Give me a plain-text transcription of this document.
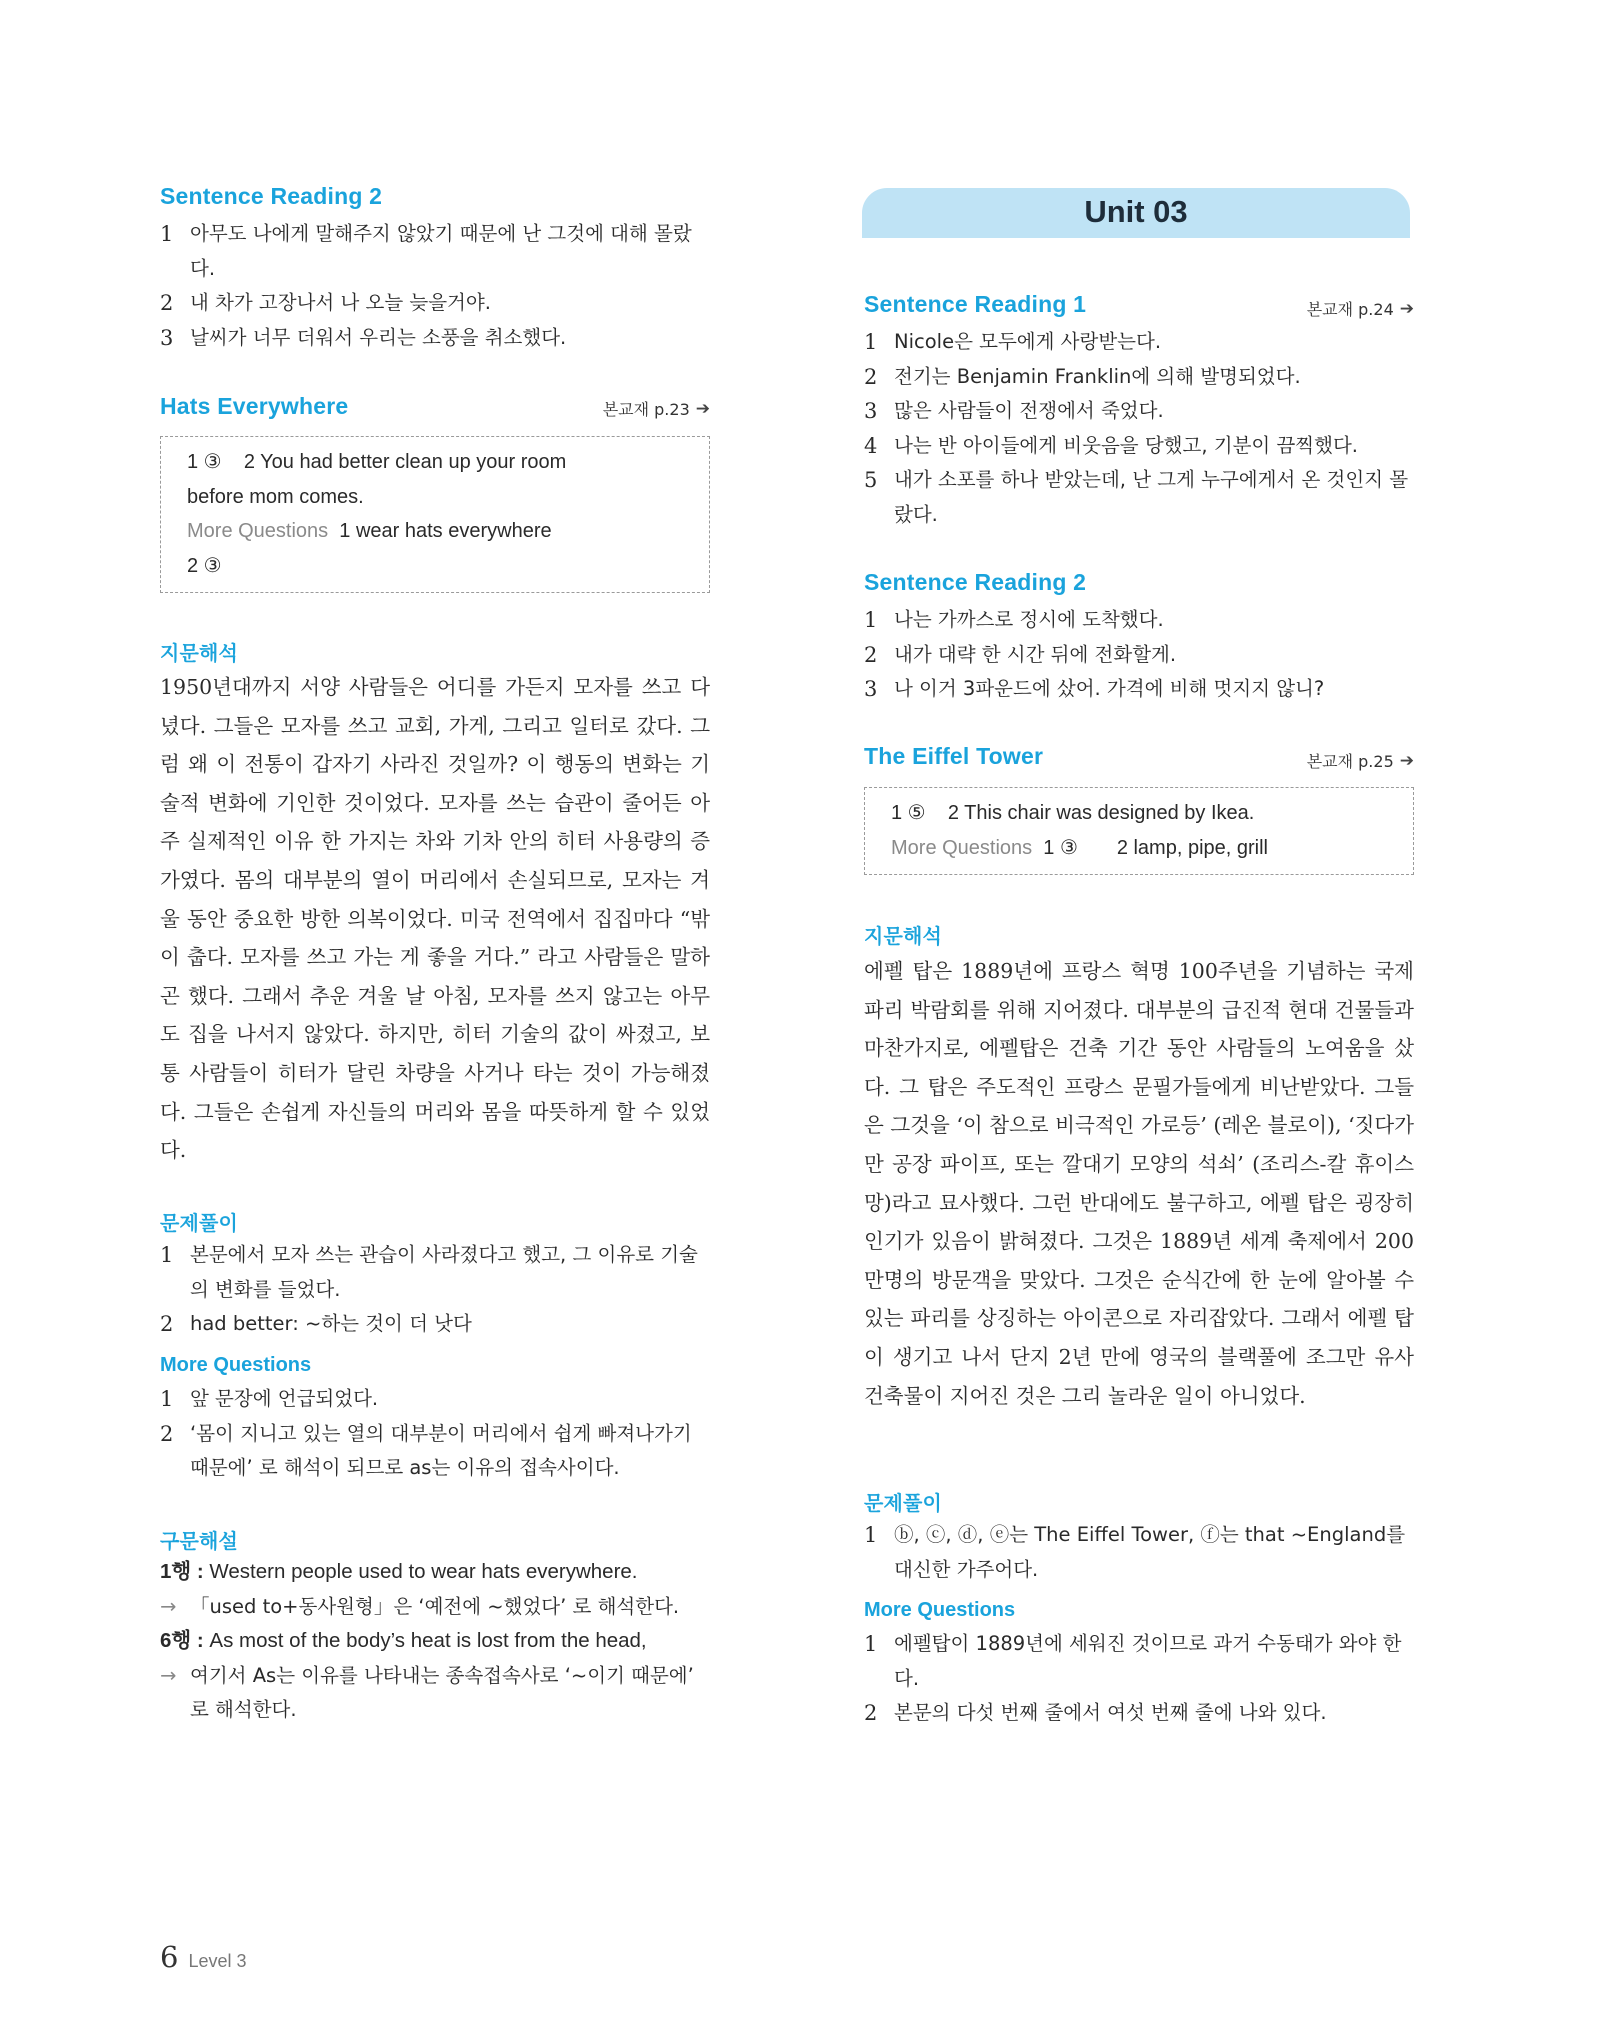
Sentence Reading 2
1 아무도 나에게 말해주지 않았기 때문에 난 그것에 대해 몰랐다.
2 내 차가 고장나서 나 오늘 늦을거야.
3 날씨가 너무 더워서 우리는 소풍을 취소했다.
Hats Everywhere	본교재 p.23 ➔
1 ③ 2 You had better clean up your room
before mom comes.
More Questions 1 wear hats everywhere
2 ③
지문해석
1950년대까지 서양 사람들은 어디를 가든지 모자를 쓰고 다녔다. 그들은 모자를 쓰고 교회, 가게, 그리고 일터로 갔다. 그럼 왜 이 전통이 갑자기 사라진 것일까? 이 행동의 변화는 기술적 변화에 기인한 것이었다. 모자를 쓰는 습관이 줄어든 아주 실제적인 이유 한 가지는 차와 기차 안의 히터 사용량의 증가였다. 몸의 대부분의 열이 머리에서 손실되므로, 모자는 겨울 동안 중요한 방한 의복이었다. 미국 전역에서 집집마다 “밖이 춥다. 모자를 쓰고 가는 게 좋을 거다.” 라고 사람들은 말하곤 했다. 그래서 추운 겨울 날 아침, 모자를 쓰지 않고는 아무도 집을 나서지 않았다. 하지만, 히터 기술의 값이 싸졌고, 보통 사람들이 히터가 달린 차량을 사거나 타는 것이 가능해졌다. 그들은 손쉽게 자신들의 머리와 몸을 따뜻하게 할 수 있었다.
문제풀이
1 본문에서 모자 쓰는 관습이 사라졌다고 했고, 그 이유로 기술의 변화를 들었다.
2 had better: ~하는 것이 더 낫다
More Questions
1 앞 문장에 언급되었다.
2 ‘몸이 지니고 있는 열의 대부분이 머리에서 쉽게 빠져나가기 때문에’ 로 해석이 되므로 as는 이유의 접속사이다.
구문해설
1행 : Western people used to wear hats everywhere.
→ 「used to+동사원형」은 ‘예전에 ~했었다’ 로 해석한다.
6행 : As most of the body’s heat is lost from the head,
→ 여기서 As는 이유를 나타내는 종속접속사로 ‘~이기 때문에’ 로 해석한다.
Unit 03
Sentence Reading 1	본교재 p.24 ➔
1 Nicole은 모두에게 사랑받는다.
2 전기는 Benjamin Franklin에 의해 발명되었다.
3 많은 사람들이 전쟁에서 죽었다.
4 나는 반 아이들에게 비웃음을 당했고, 기분이 끔찍했다.
5 내가 소포를 하나 받았는데, 난 그게 누구에게서 온 것인지 몰랐다.
Sentence Reading 2
1 나는 가까스로 정시에 도착했다.
2 내가 대략 한 시간 뒤에 전화할게.
3 나 이거 3파운드에 샀어. 가격에 비해 멋지지 않니?
The Eiffel Tower	본교재 p.25 ➔
1 ⑤ 2 This chair was designed by Ikea.
More Questions 1 ③ 2 lamp, pipe, grill
지문해석
에펠 탑은 1889년에 프랑스 혁명 100주년을 기념하는 국제 파리 박람회를 위해 지어졌다. 대부분의 급진적 현대 건물들과 마찬가지로, 에펠탑은 건축 기간 동안 사람들의 노여움을 샀다. 그 탑은 주도적인 프랑스 문필가들에게 비난받았다. 그들은 그것을 ‘이 참으로 비극적인 가로등’ (레온 블로이), ‘짓다가 만 공장 파이프, 또는 깔대기 모양의 석쇠’ (조리스-칼 휴이스망)라고 묘사했다. 그런 반대에도 불구하고, 에펠 탑은 굉장히 인기가 있음이 밝혀졌다. 그것은 1889년 세계 축제에서 200만명의 방문객을 맞았다. 그것은 순식간에 한 눈에 알아볼 수 있는 파리를 상징하는 아이콘으로 자리잡았다. 그래서 에펠 탑이 생기고 나서 단지 2년 만에 영국의 블랙풀에 조그만 유사 건축물이 지어진 것은 그리 놀라운 일이 아니었다.
문제풀이
1 ⓑ, ⓒ, ⓓ, ⓔ는 The Eiffel Tower, ⓕ는 that ~England를 대신한 가주어다.
More Questions
1 에펠탑이 1889년에 세워진 것이므로 과거 수동태가 와야 한다.
2 본문의 다섯 번째 줄에서 여섯 번째 줄에 나와 있다.
6 Level 3
